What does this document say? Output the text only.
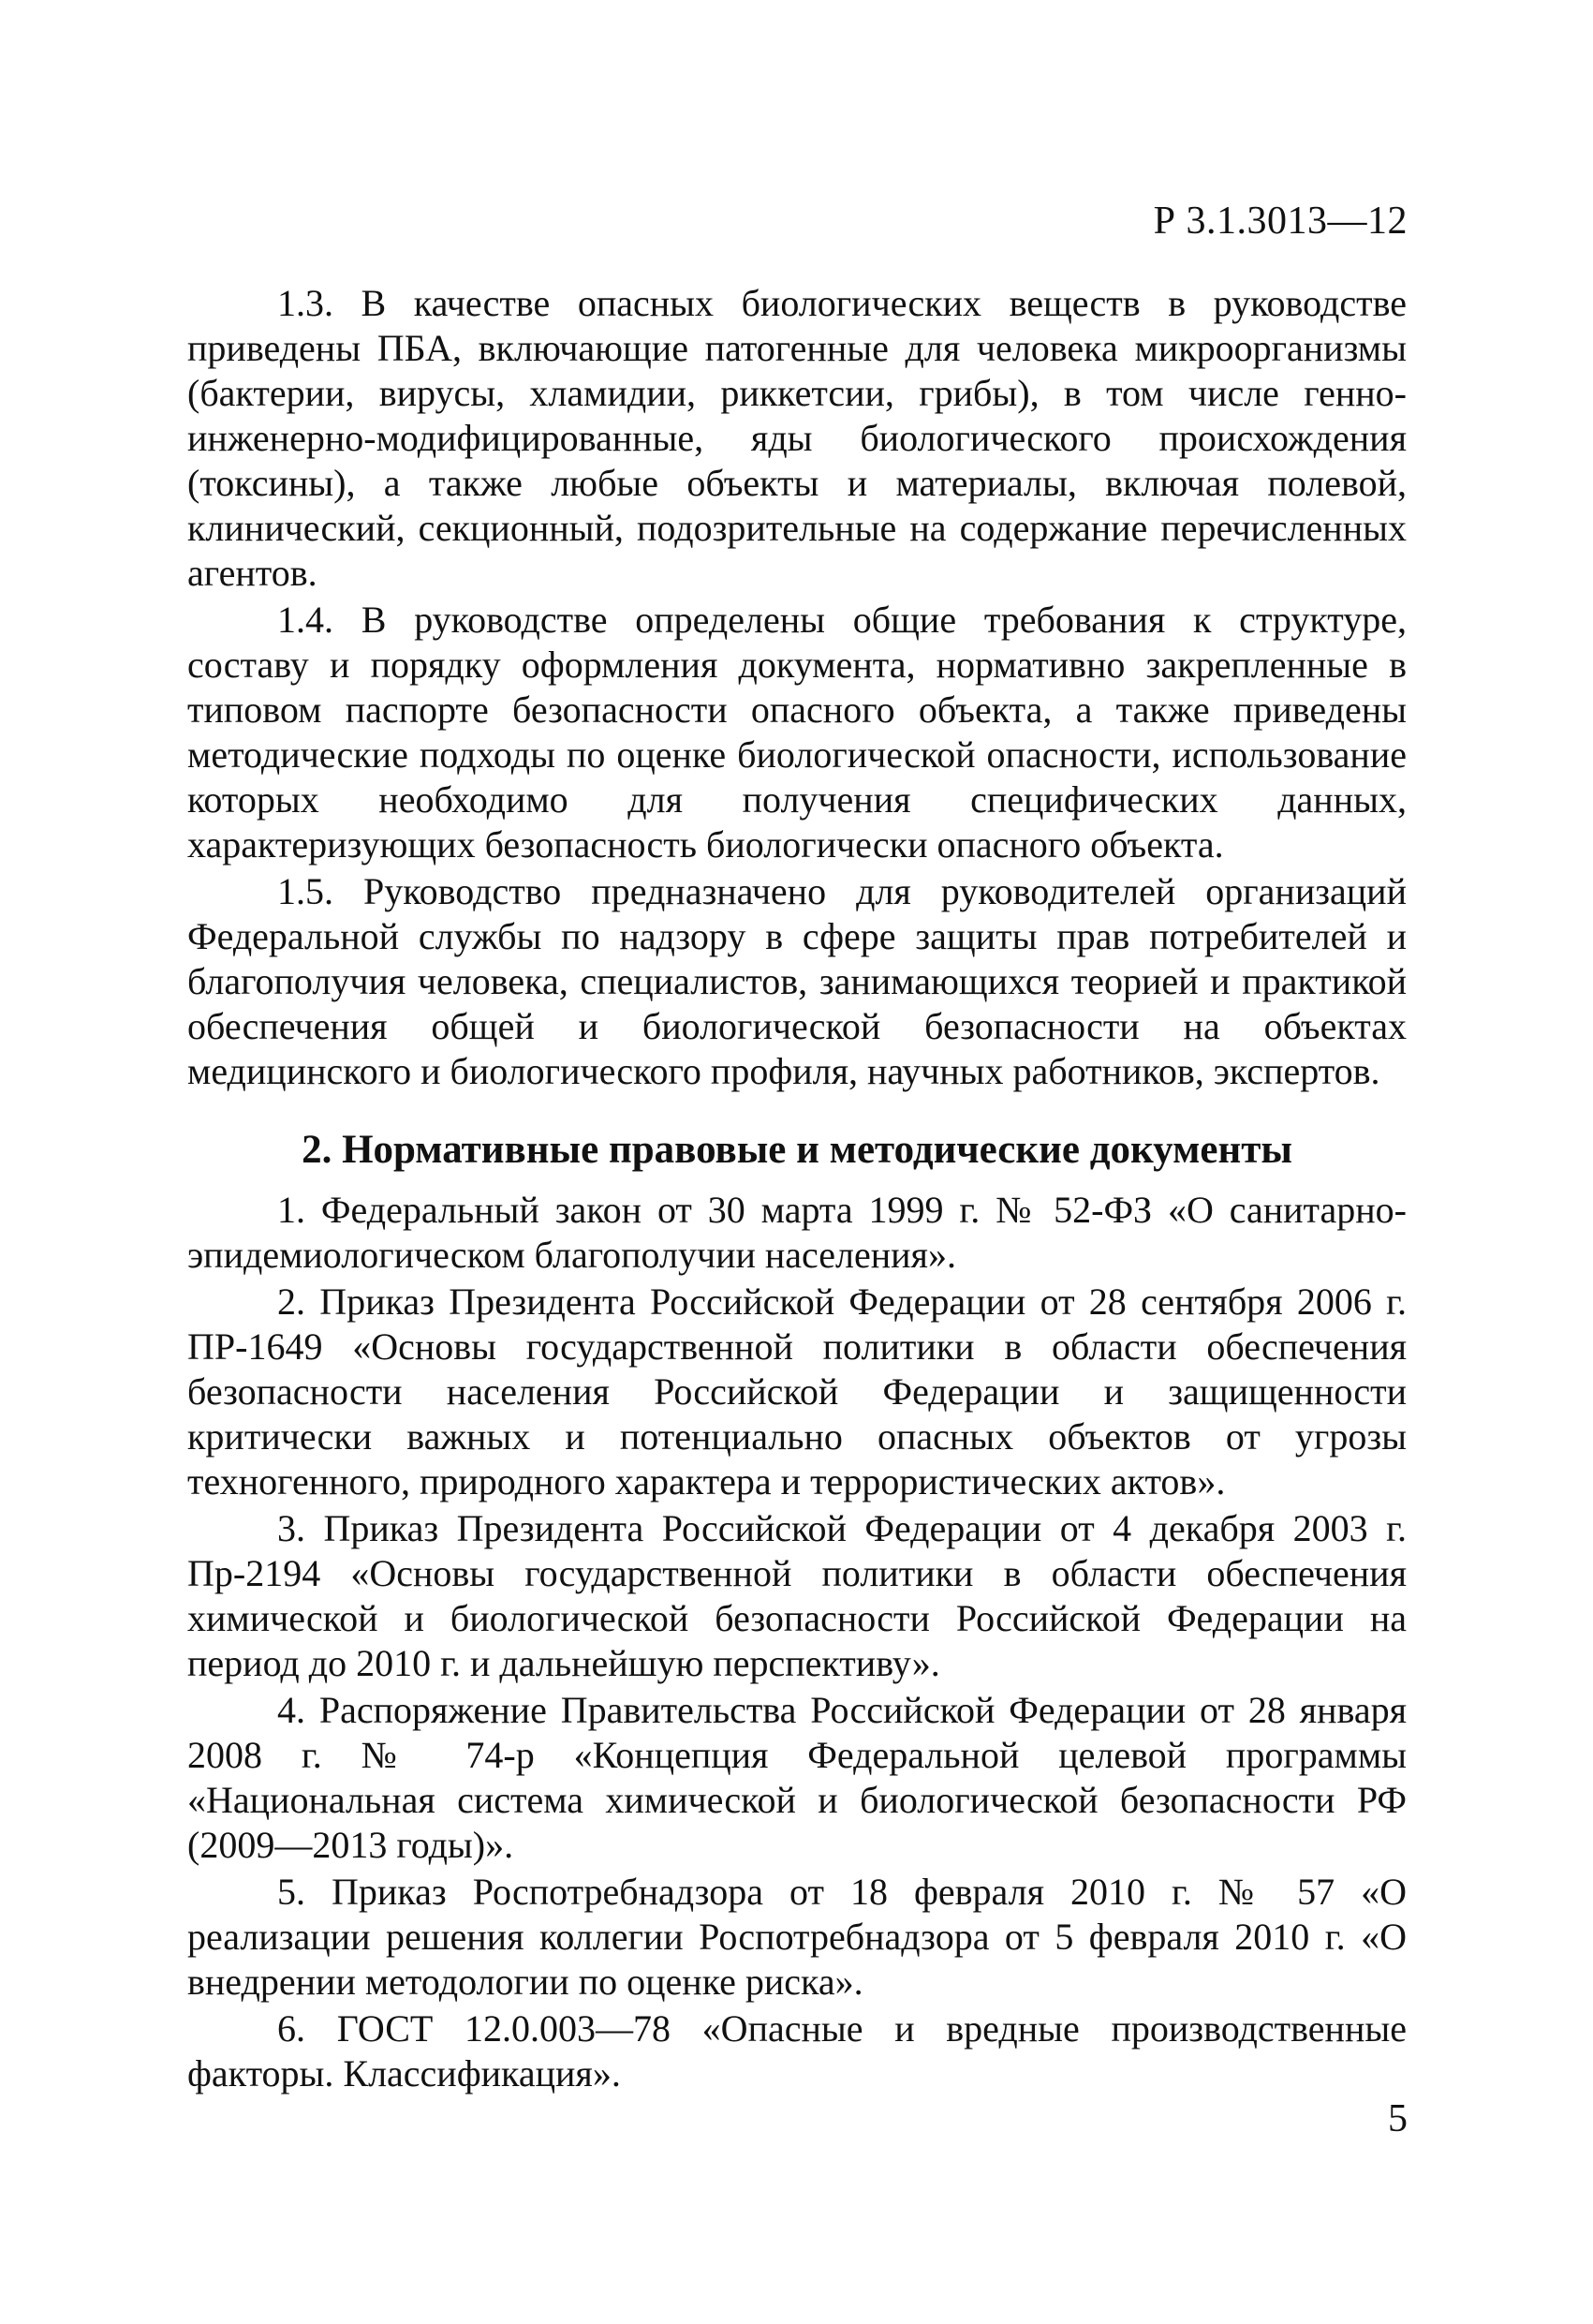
Р 3.1.3013—12

1.3. В качестве опасных биологических веществ в руководстве приведены ПБА, включающие патогенные для человека микроорганизмы (бактерии, вирусы, хламидии, риккетсии, грибы), в том числе генно-инженерно-модифицированные, яды биологического происхождения (токсины), а также любые объекты и материалы, включая полевой, клинический, секционный, подозрительные на содержание перечисленных агентов.

1.4. В руководстве определены общие требования к структуре, составу и порядку оформления документа, нормативно закрепленные в типовом паспорте безопасности опасного объекта, а также приведены методические подходы по оценке биологической опасности, использование которых необходимо для получения специфических данных, характеризующих безопасность биологически опасного объекта.

1.5. Руководство предназначено для руководителей организаций Федеральной службы по надзору в сфере защиты прав потребителей и благополучия человека, специалистов, занимающихся теорией и практикой обеспечения общей и биологической безопасности на объектах медицинского и биологического профиля, научных работников, экспертов.

2. Нормативные правовые и методические документы

1. Федеральный закон от 30 марта 1999 г. № 52-ФЗ «О санитарно-эпидемиологическом благополучии населения».

2. Приказ Президента Российской Федерации от 28 сентября 2006 г. ПР-1649 «Основы государственной политики в области обеспечения безопасности населения Российской Федерации и защищенности критически важных и потенциально опасных объектов от угрозы техногенного, природного характера и террористических актов».

3. Приказ Президента Российской Федерации от 4 декабря 2003 г. Пр-2194 «Основы государственной политики в области обеспечения химической и биологической безопасности Российской Федерации на период до 2010 г. и дальнейшую перспективу».

4. Распоряжение Правительства Российской Федерации от 28 января 2008 г. № 74-р «Концепция Федеральной целевой программы «Национальная система химической и биологической безопасности РФ (2009—2013 годы)».

5. Приказ Роспотребнадзора от 18 февраля 2010 г. № 57 «О реализации решения коллегии Роспотребнадзора от 5 февраля 2010 г. «О внедрении методологии по оценке риска».

6. ГОСТ 12.0.003—78 «Опасные и вредные производственные факторы. Классификация».

5
